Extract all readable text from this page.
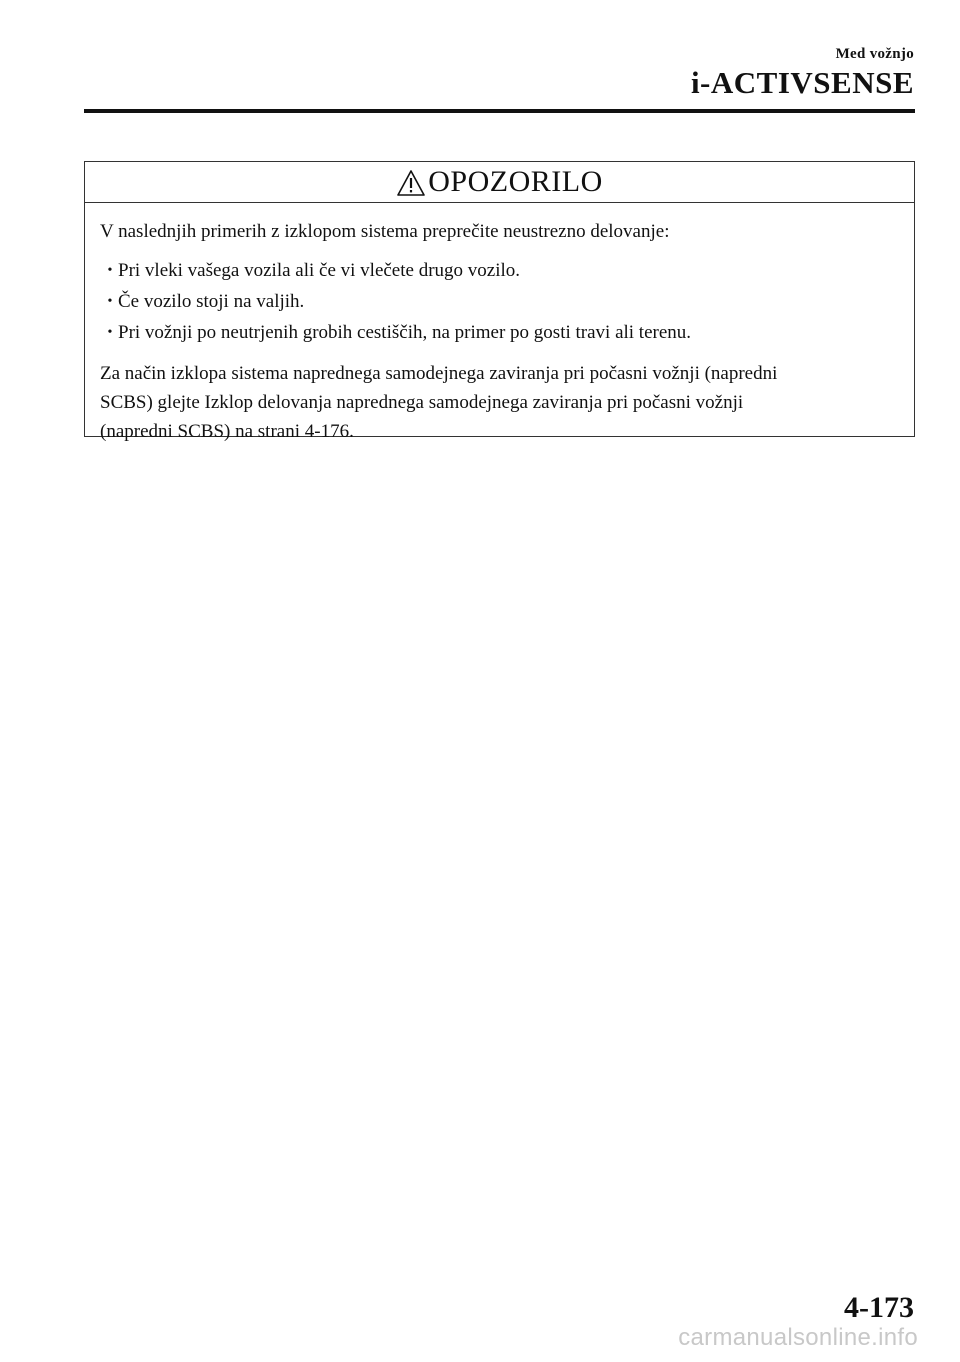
Med vožnjo
i-ACTIVSENSE
OPOZORILO

V naslednjih primerih z izklopom sistema preprečite neustrezno delovanje:

• Pri vleki vašega vozila ali če vi vlečete drugo vozilo.
• Če vozilo stoji na valjih.
• Pri vožnji po neutrjenih grobih cestiščih, na primer po gosti travi ali terenu.

Za način izklopa sistema naprednega samodejnega zaviranja pri počasni vožnji (napredni
SCBS) glejte Izklop delovanja naprednega samodejnega zaviranja pri počasni vožnji
(napredni SCBS) na strani 4-176.

4-173
carmanualsonline.info
